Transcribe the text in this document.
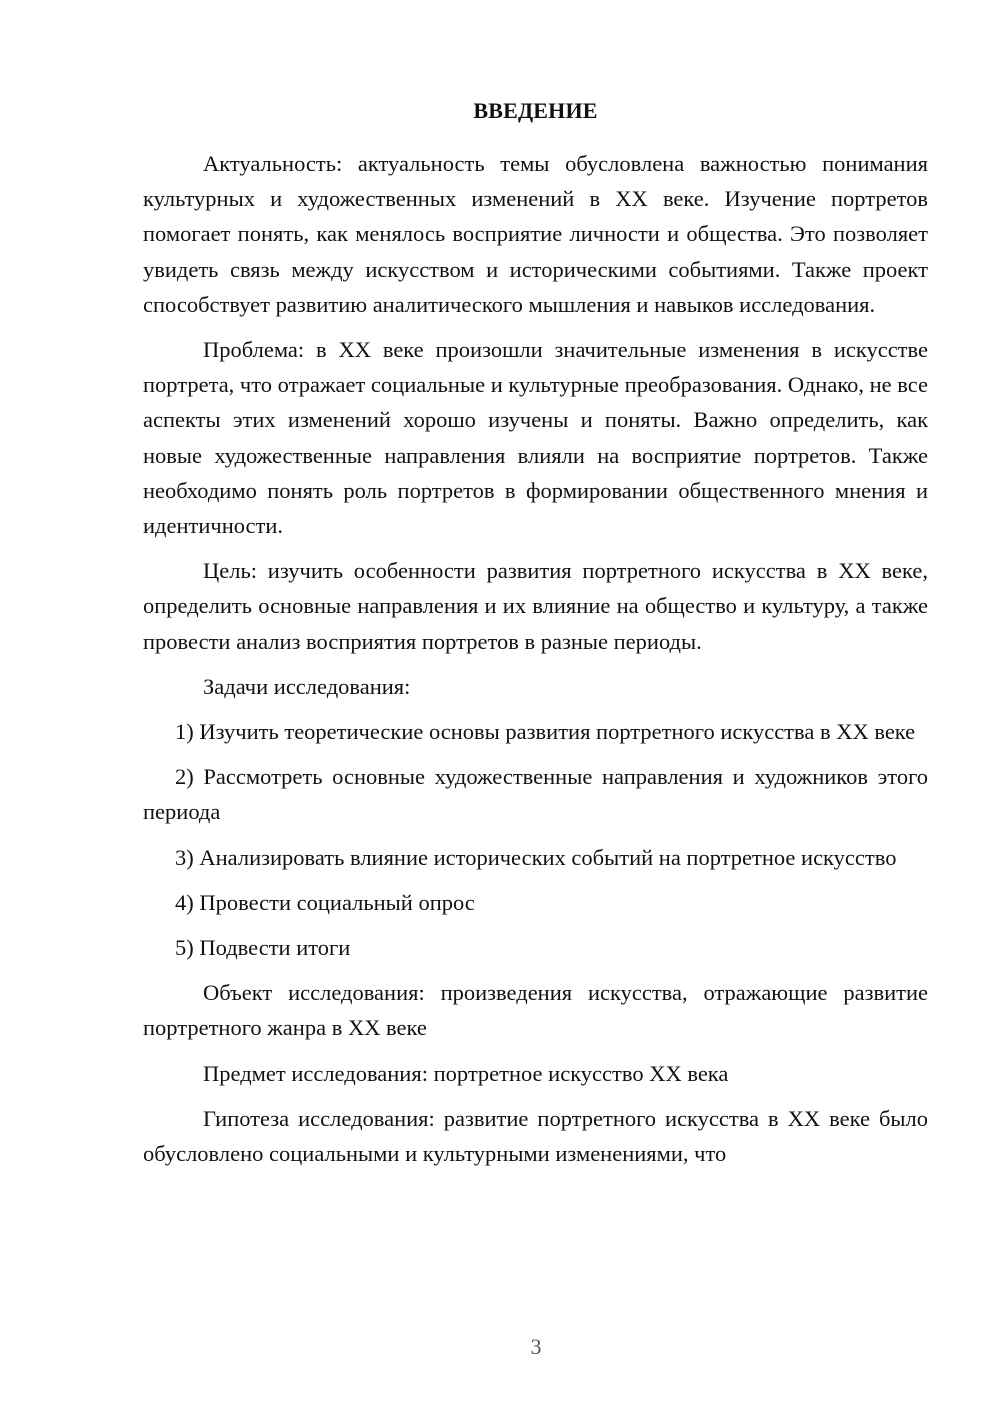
ВВЕДЕНИЕ

Актуальность: актуальность темы обусловлена важностью понимания культурных и художественных изменений в XX веке. Изучение портретов помогает понять, как менялось восприятие личности и общества. Это позволяет увидеть связь между искусством и историческими событиями. Также проект способствует развитию аналитического мышления и навыков исследования.

Проблема: в XX веке произошли значительные изменения в искусстве портрета, что отражает социальные и культурные преобразования. Однако, не все аспекты этих изменений хорошо изучены и поняты. Важно определить, как новые художественные направления влияли на восприятие портретов. Также необходимо понять роль портретов в формировании общественного мнения и идентичности.

Цель: изучить особенности развития портретного искусства в XX веке, определить основные направления и их влияние на общество и культуру, а также провести анализ восприятия портретов в разные периоды.

Задачи исследования:

1) Изучить теоретические основы развития портретного искусства в XX веке

2) Рассмотреть основные художественные направления и художников этого периода

3) Анализировать влияние исторических событий на портретное искусство

4) Провести социальный опрос

5) Подвести итоги

Объект исследования: произведения искусства, отражающие развитие портретного жанра в XX веке

Предмет исследования: портретное искусство XX века

Гипотеза исследования: развитие портретного искусства в XX веке было обусловлено социальными и культурными изменениями, что

3
